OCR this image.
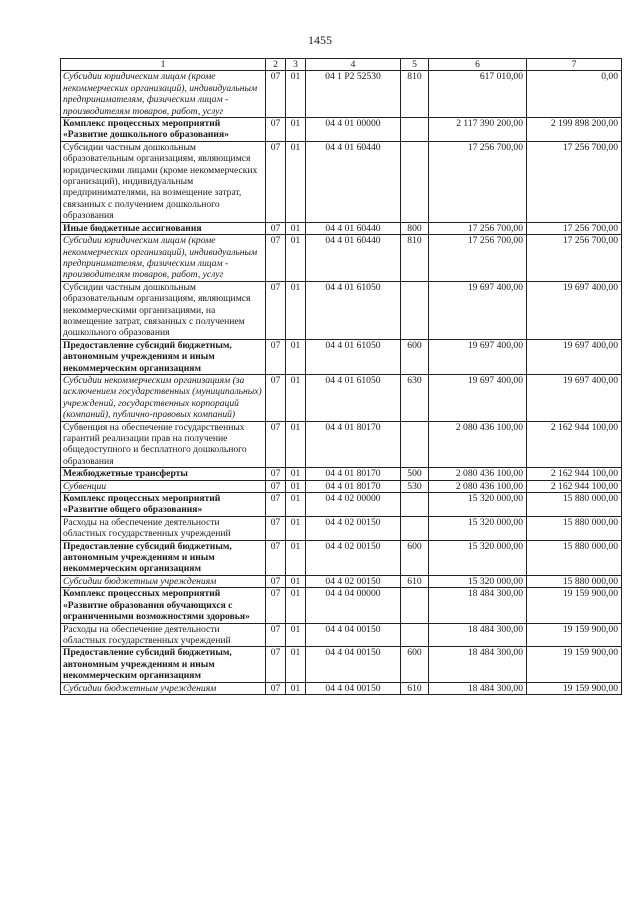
1455
1	2	3	4	5	6	7
Субсидии юридическим лицам (кроме некоммерческих организаций), индивидуальным предпринимателям, физическим лицам - производителям товаров, работ, услуг	07	01	04 1 Р2 52530	810	617 010,00	0,00
Комплекс процессных мероприятий «Развитие дошкольного образования»	07	01	04 4 01 00000		2 117 390 200,00	2 199 898 200,00
Субсидии частным дошкольным образовательным организациям, являющимся юридическими лицами (кроме некоммерческих организаций), индивидуальным предпринимателями, на возмещение затрат, связанных с получением дошкольного образования	07	01	04 4 01 60440		17 256 700,00	17 256 700,00
Иные бюджетные ассигнования	07	01	04 4 01 60440	800	17 256 700,00	17 256 700,00
Субсидии юридическим лицам (кроме некоммерческих организаций), индивидуальным предпринимателям, физическим лицам - производителям товаров, работ, услуг	07	01	04 4 01 60440	810	17 256 700,00	17 256 700,00
Субсидии частным дошкольным образовательным организациям, являющимся некоммерческими организациями, на возмещение затрат, связанных с получением дошкольного образования	07	01	04 4 01 61050		19 697 400,00	19 697 400,00
Предоставление субсидий бюджетным, автономным учреждениям и иным некоммерческим организациям	07	01	04 4 01 61050	600	19 697 400,00	19 697 400,00
Субсидии некоммерческим организациям (за исключением государственных (муниципальных) учреждений, государственных корпораций (компаний), публично-правовых компаний)	07	01	04 4 01 61050	630	19 697 400,00	19 697 400,00
Субвенция на обеспечение государственных гарантий реализации прав на получение общедоступного и бесплатного дошкольного образования	07	01	04 4 01 80170		2 080 436 100,00	2 162 944 100,00
Межбюджетные трансферты	07	01	04 4 01 80170	500	2 080 436 100,00	2 162 944 100,00
Субвенции	07	01	04 4 01 80170	530	2 080 436 100,00	2 162 944 100,00
Комплекс процессных мероприятий «Развитие общего образования»	07	01	04 4 02 00000		15 320 000,00	15 880 000,00
Расходы на обеспечение деятельности областных государственных учреждений	07	01	04 4 02 00150		15 320 000,00	15 880 000,00
Предоставление субсидий бюджетным, автономным учреждениям и иным некоммерческим организациям	07	01	04 4 02 00150	600	15 320 000,00	15 880 000,00
Субсидии бюджетным учреждениям	07	01	04 4 02 00150	610	15 320 000,00	15 880 000,00
Комплекс процессных мероприятий «Развитие образования обучающихся с ограниченными возможностями здоровья»	07	01	04 4 04 00000		18 484 300,00	19 159 900,00
Расходы на обеспечение деятельности областных государственных учреждений	07	01	04 4 04 00150		18 484 300,00	19 159 900,00
Предоставление субсидий бюджетным, автономным учреждениям и иным некоммерческим организациям	07	01	04 4 04 00150	600	18 484 300,00	19 159 900,00
Субсидии бюджетным учреждениям	07	01	04 4 04 00150	610	18 484 300,00	19 159 900,00
